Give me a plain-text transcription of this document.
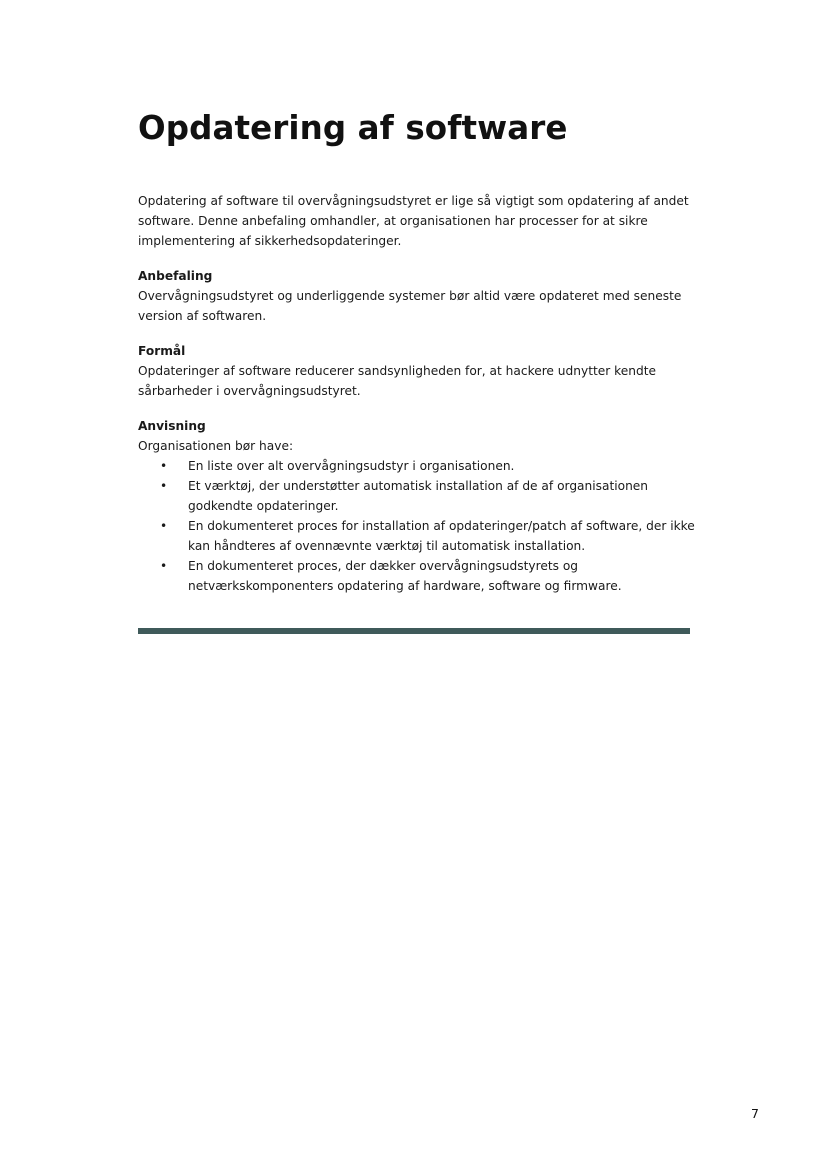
Opdatering af software

Opdatering af software til overvågningsudstyret er lige så vigtigt som opdatering af andet software. Denne anbefaling omhandler, at organisationen har processer for at sikre implementering af sikkerhedsopdateringer.

Anbefaling

Overvågningsudstyret og underliggende systemer bør altid være opdateret med seneste version af softwaren.

Formål

Opdateringer af software reducerer sandsynligheden for, at hackere udnytter kendte sårbarheder i overvågningsudstyret.

Anvisning

Organisationen bør have:

• En liste over alt overvågningsudstyr i organisationen.
• Et værktøj, der understøtter automatisk installation af de af organisationen godkendte opdateringer.
• En dokumenteret proces for installation af opdateringer/patch af software, der ikke kan håndteres af ovennævnte værktøj til automatisk installation.
• En dokumenteret proces, der dækker overvågningsudstyrets og netværkskomponenters opdatering af hardware, software og firmware.
7
